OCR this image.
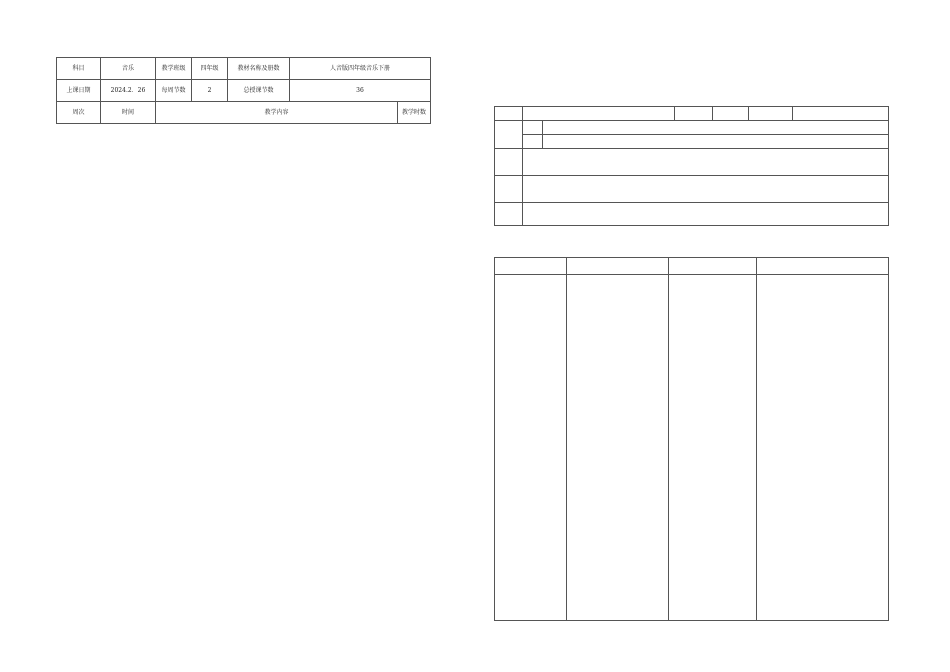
科目	音乐	教学班级	四年级	教材名称及册数	人音版四年级音乐下册	
上课日期	2024.2．26	每周节数	2	总授课节数	36	
周次	时间	教学内容				教学时数
